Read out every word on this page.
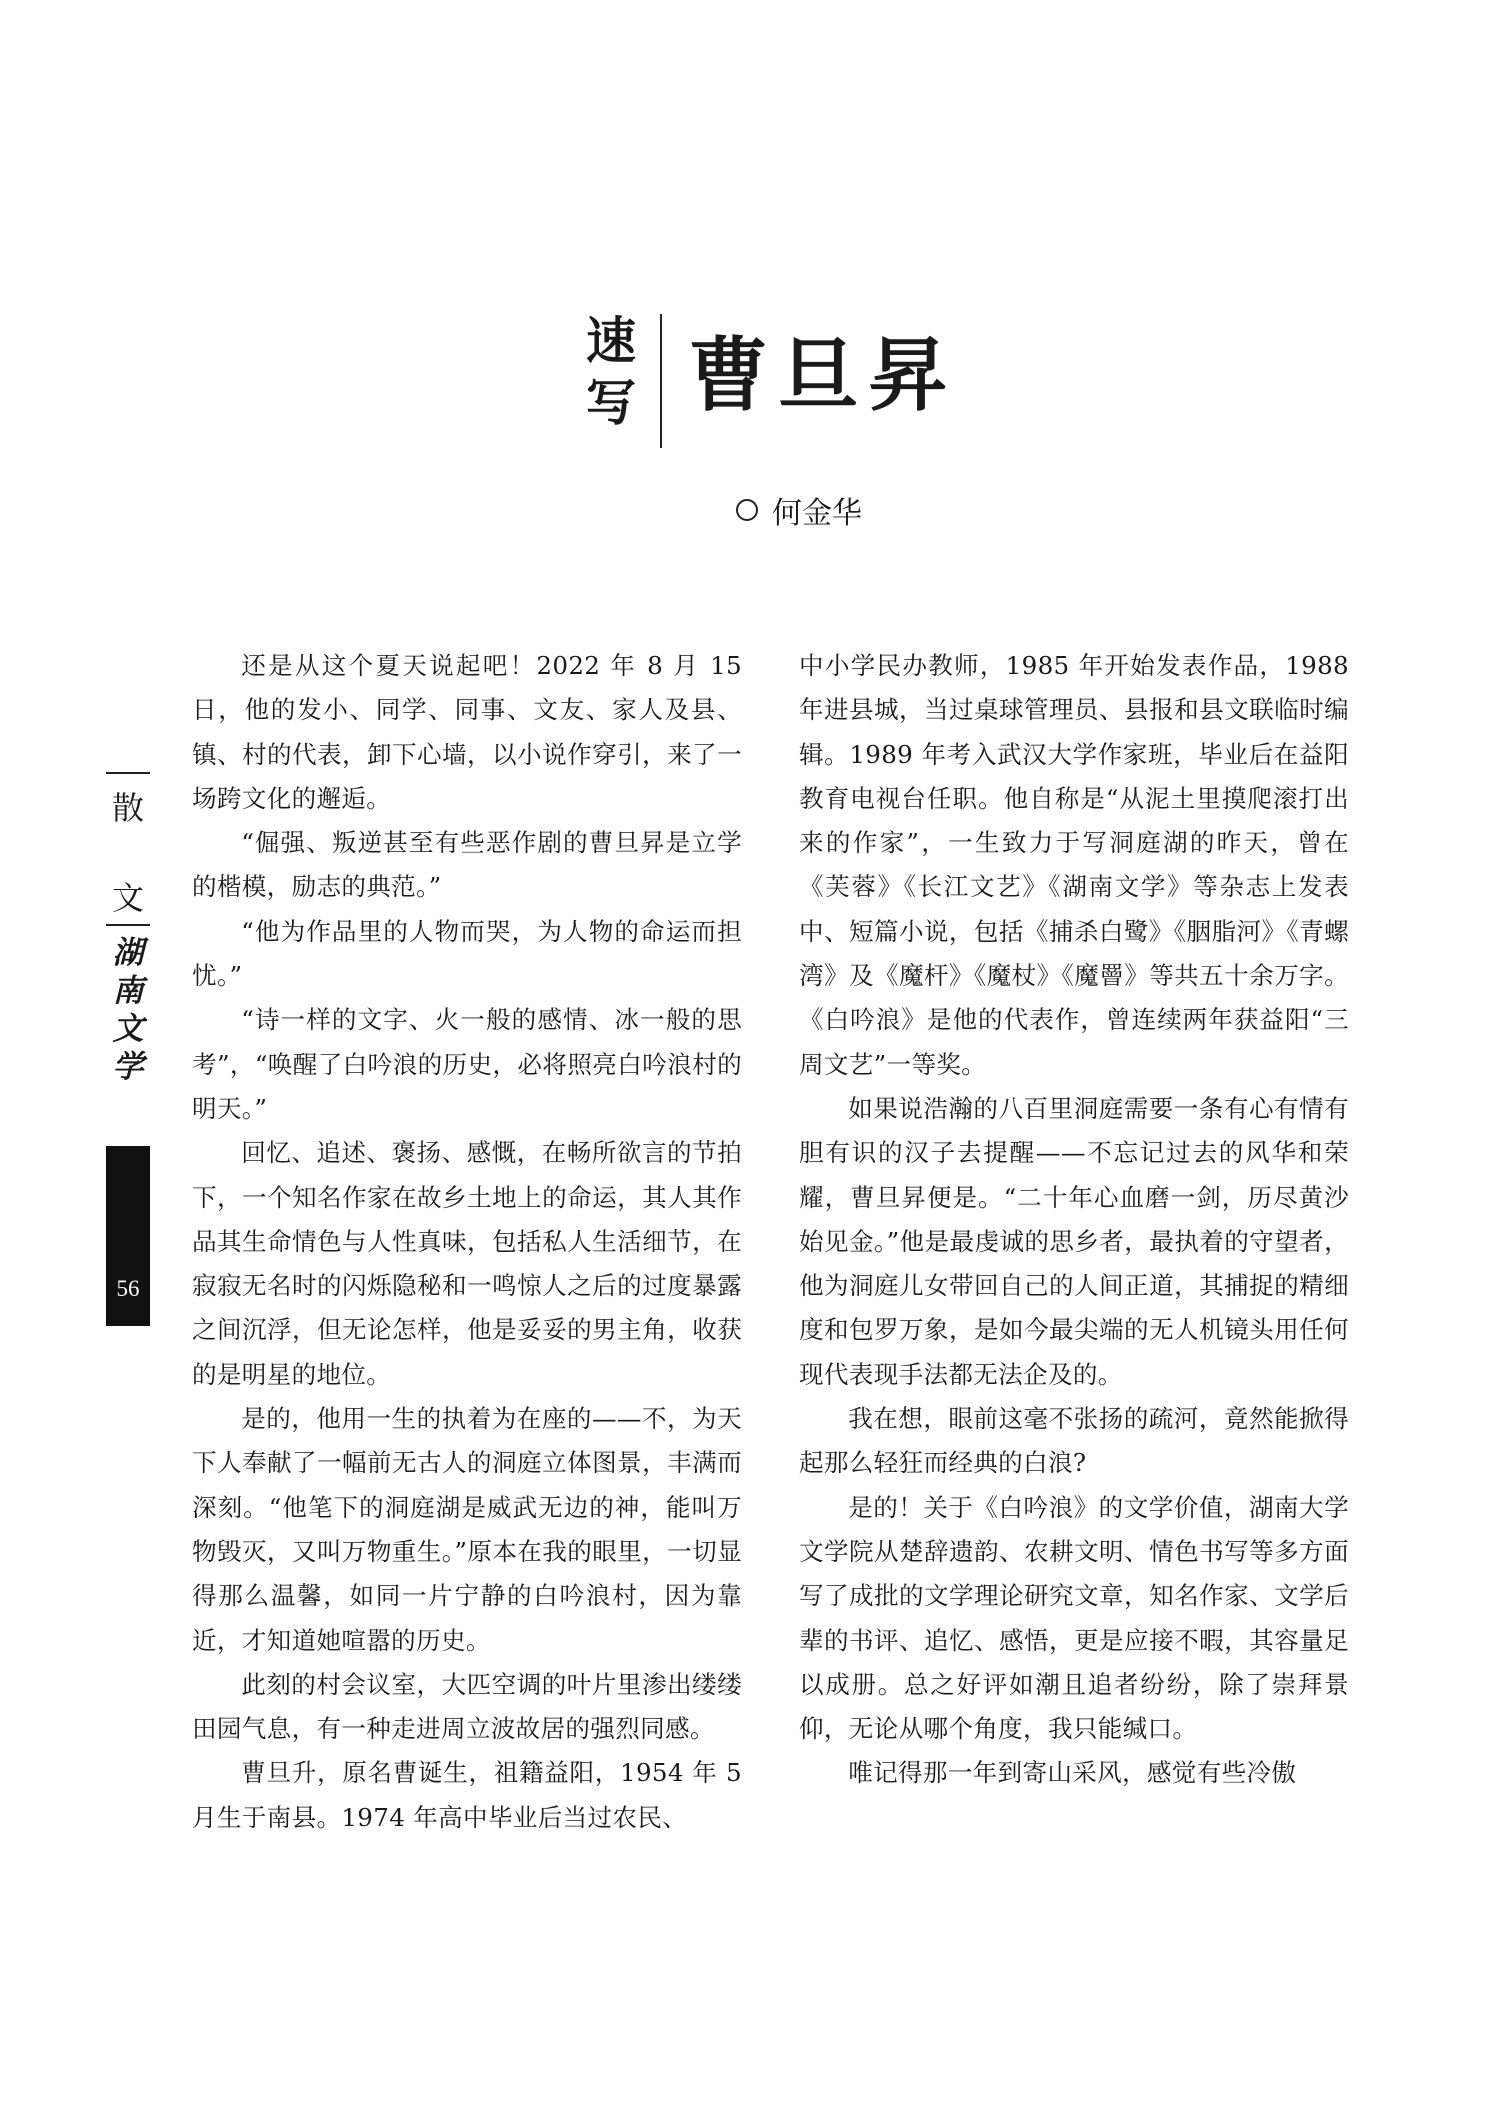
速
写 曹旦昇
何金华
散
文
湖
南
文
学
56

还是从这个夏天说起吧！2022 年 8 月 15 日，他的发小、同学、同事、文友、家人及县、镇、村的代表，卸下心墙，以小说作穿引，来了一场跨文化的邂逅。

“倔强、叛逆甚至有些恶作剧的曹旦昇是立学的楷模，励志的典范。”

“他为作品里的人物而哭，为人物的命运而担忧。”

“诗一样的文字、火一般的感情、冰一般的思考”，“唤醒了白吟浪的历史，必将照亮白吟浪村的明天。”

回忆、追述、褒扬、感慨，在畅所欲言的节拍下，一个知名作家在故乡土地上的命运，其人其作品其生命情色与人性真味，包括私人生活细节，在寂寂无名时的闪烁隐秘和一鸣惊人之后的过度暴露之间沉浮，但无论怎样，他是妥妥的男主角，收获的是明星的地位。

是的，他用一生的执着为在座的——不，为天下人奉献了一幅前无古人的洞庭立体图景，丰满而深刻。“他笔下的洞庭湖是威武无边的神，能叫万物毁灭，又叫万物重生。”原本在我的眼里，一切显得那么温馨，如同一片宁静的白吟浪村，因为靠近，才知道她喧嚣的历史。

此刻的村会议室，大匹空调的叶片里渗出缕缕田园气息，有一种走进周立波故居的强烈同感。

曹旦升，原名曹诞生，祖籍益阳，1954 年 5 月生于南县。1974 年高中毕业后当过农民、

中小学民办教师，1985 年开始发表作品，1988 年进县城，当过桌球管理员、县报和县文联临时编辑。1989 年考入武汉大学作家班，毕业后在益阳教育电视台任职。他自称是“从泥土里摸爬滚打出来的作家”，一生致力于写洞庭湖的昨天，曾在《芙蓉》《长江文艺》《湖南文学》等杂志上发表中、短篇小说，包括《捕杀白鹭》《胭脂河》《青螺湾》及《魔杆》《魔杖》《魔罾》等共五十余万字。《白吟浪》是他的代表作，曾连续两年获益阳“三周文艺”一等奖。

如果说浩瀚的八百里洞庭需要一条有心有情有胆有识的汉子去提醒——不忘记过去的风华和荣耀，曹旦昇便是。“二十年心血磨一剑，历尽黄沙始见金。”他是最虔诚的思乡者，最执着的守望者，他为洞庭儿女带回自己的人间正道，其捕捉的精细度和包罗万象，是如今最尖端的无人机镜头用任何现代表现手法都无法企及的。

我在想，眼前这毫不张扬的疏河，竟然能掀得起那么轻狂而经典的白浪?

是的！关于《白吟浪》的文学价值，湖南大学文学院从楚辞遗韵、农耕文明、情色书写等多方面写了成批的文学理论研究文章，知名作家、文学后辈的书评、追忆、感悟，更是应接不暇，其容量足以成册。总之好评如潮且追者纷纷，除了崇拜景仰，无论从哪个角度，我只能缄口。

唯记得那一年到寄山采风，感觉有些冷傲
